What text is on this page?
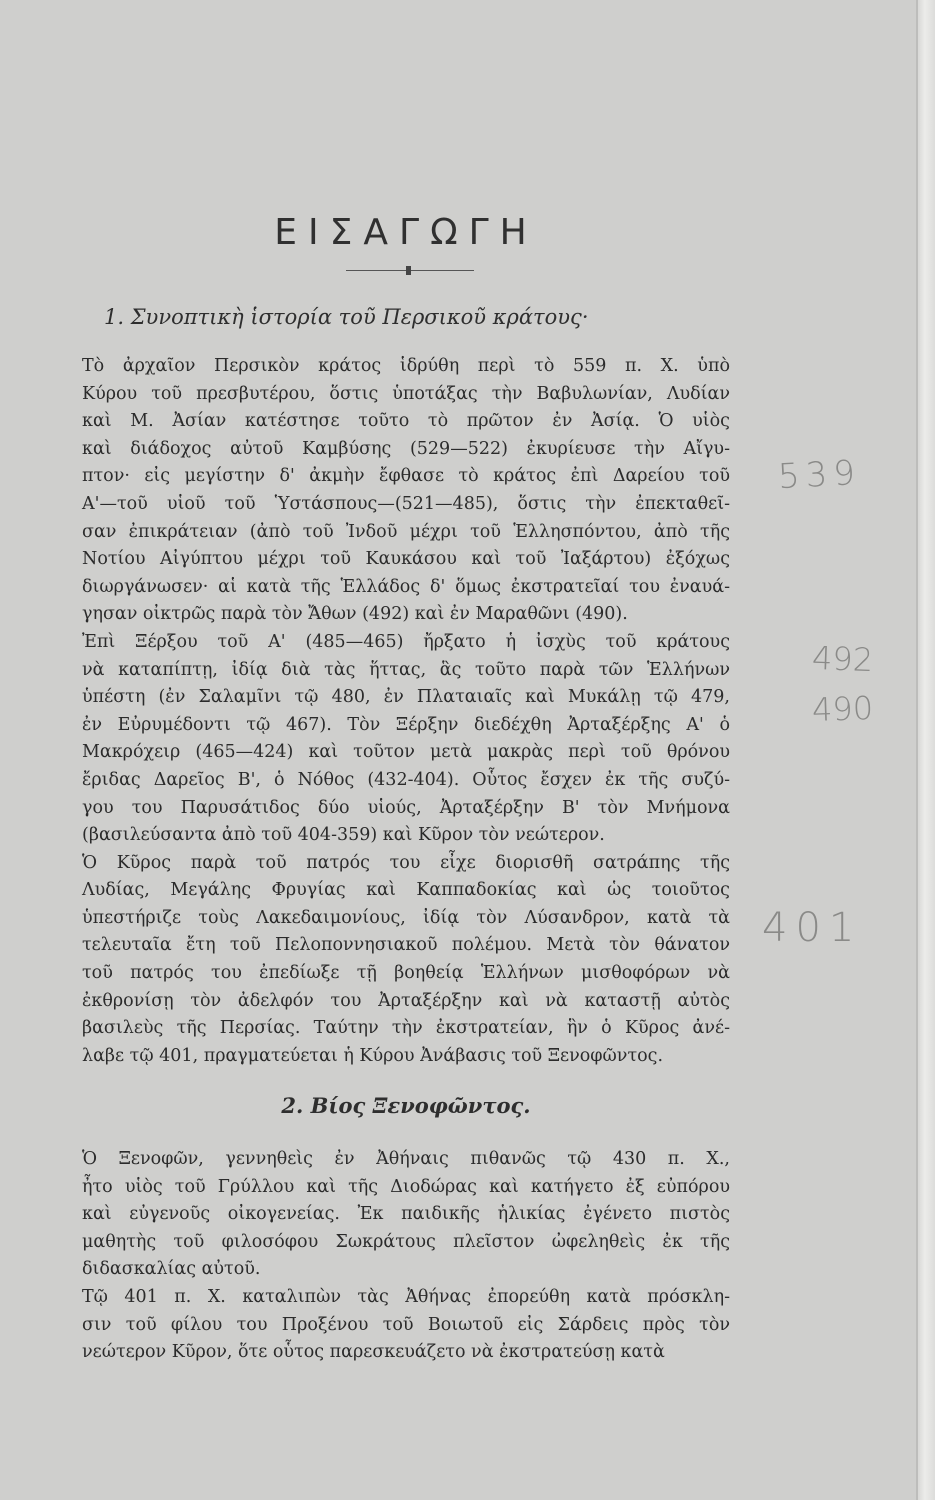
ΕΙΣΑΓΩΓΗ
1. Συνοπτικὴ ἱστορία τοῦ Περσικοῦ κράτους·
Τὸ ἀρχαῖον Περσικὸν κράτος ἱδρύθη περὶ τὸ 559 π. Χ. ὑπὸ
Κύρου τοῦ πρεσβυτέρου, ὅστις ὑποτάξας τὴν Βαβυλωνίαν, Λυδίαν
καὶ Μ. Ἀσίαν κατέστησε τοῦτο τὸ πρῶτον ἐν Ἀσίᾳ. Ὁ υἱὸς
καὶ διάδοχος αὐτοῦ Καμβύσης (529—522) ἐκυρίευσε τὴν Αἴγυ-
πτον· εἰς μεγίστην δ' ἀκμὴν ἔφθασε τὸ κράτος ἐπὶ Δαρείου τοῦ
Α'—τοῦ υἱοῦ τοῦ Ὑστάσπους—(521—485), ὅστις τὴν ἐπεκταθεῖ-
σαν ἐπικράτειαν (ἀπὸ τοῦ Ἰνδοῦ μέχρι τοῦ Ἑλλησπόντου, ἀπὸ τῆς
Νοτίου Αἰγύπτου μέχρι τοῦ Καυκάσου καὶ τοῦ Ἰαξάρτου) ἐξόχως
διωργάνωσεν· αἱ κατὰ τῆς Ἑλλάδος δ' ὅμως ἐκστρατεῖαί του ἐναυά-
γησαν οἰκτρῶς παρὰ τὸν Ἄθων (492) καὶ ἐν Μαραθῶνι (490).
Ἐπὶ Ξέρξου τοῦ Α' (485—465) ἤρξατο ἡ ἰσχὺς τοῦ κράτους
νὰ καταπίπτῃ, ἰδίᾳ διὰ τὰς ἥττας, ἃς τοῦτο παρὰ τῶν Ἑλλήνων
ὑπέστη (ἐν Σαλαμῖνι τῷ 480, ἐν Πλαταιαῖς καὶ Μυκάλῃ τῷ 479,
ἐν Εὐρυμέδοντι τῷ 467). Τὸν Ξέρξην διεδέχθη Ἀρταξέρξης Α' ὁ
Μακρόχειρ (465—424) καὶ τοῦτον μετὰ μακρὰς περὶ τοῦ θρόνου
ἔριδας Δαρεῖος Β', ὁ Νόθος (432-404). Οὗτος ἔσχεν ἐκ τῆς συζύ-
γου του Παρυσάτιδος δύο υἱούς, Ἀρταξέρξην Β' τὸν Μνήμονα
(βασιλεύσαντα ἀπὸ τοῦ 404-359) καὶ Κῦρον τὸν νεώτερον.
Ὁ Κῦρος παρὰ τοῦ πατρός του εἶχε διορισθῆ σατράπης τῆς
Λυδίας, Μεγάλης Φρυγίας καὶ Καππαδοκίας καὶ ὡς τοιοῦτος
ὑπεστήριζε τοὺς Λακεδαιμονίους, ἰδίᾳ τὸν Λύσανδρον, κατὰ τὰ
τελευταῖα ἔτη τοῦ Πελοποννησιακοῦ πολέμου. Μετὰ τὸν θάνατον
τοῦ πατρός του ἐπεδίωξε τῇ βοηθείᾳ Ἑλλήνων μισθοφόρων νὰ
ἐκθρονίσῃ τὸν ἀδελφόν του Ἀρταξέρξην καὶ νὰ καταστῇ αὐτὸς
βασιλεὺς τῆς Περσίας. Ταύτην τὴν ἐκστρατείαν, ἣν ὁ Κῦρος ἀνέ-
λαβε τῷ 401, πραγματεύεται ἡ Κύρου Ἀνάβασις τοῦ Ξενοφῶντος.
2. Βίος Ξενοφῶντος.
Ὁ Ξενοφῶν, γεννηθεὶς ἐν Ἀθήναις πιθανῶς τῷ 430 π. Χ.,
ἦτο υἱὸς τοῦ Γρύλλου καὶ τῆς Διοδώρας καὶ κατήγετο ἐξ εὐπόρου
καὶ εὐγενοῦς οἰκογενείας. Ἐκ παιδικῆς ἡλικίας ἐγένετο πιστὸς
μαθητὴς τοῦ φιλοσόφου Σωκράτους πλεῖστον ὠφεληθεὶς ἐκ τῆς
διδασκαλίας αὐτοῦ.
Τῷ 401 π. Χ. καταλιπὼν τὰς Ἀθήνας ἐπορεύθη κατὰ πρόσκλη-
σιν τοῦ φίλου του Προξένου τοῦ Βοιωτοῦ εἰς Σάρδεις πρὸς τὸν
νεώτερον Κῦρον, ὅτε οὗτος παρεσκευάζετο νὰ ἐκστρατεύσῃ κατὰ
539
492
490
401
